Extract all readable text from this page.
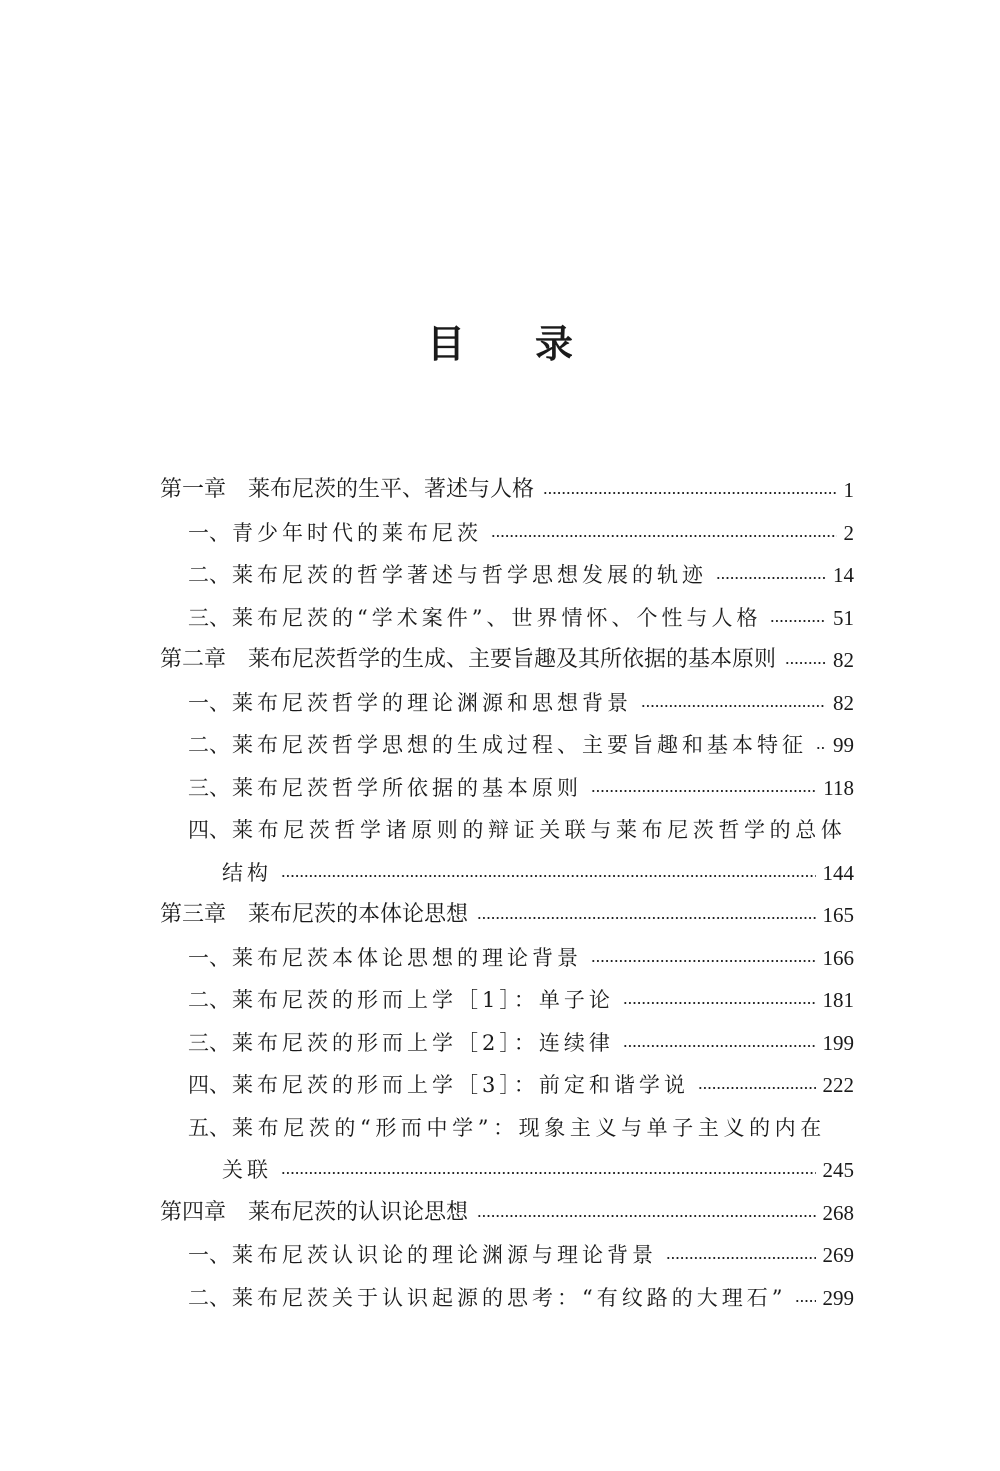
目 录
第一章 莱布尼茨的生平、著述与人格	1
一、青少年时代的莱布尼茨	2
二、莱布尼茨的哲学著述与哲学思想发展的轨迹	14
三、莱布尼茨的“学术案件”、世界情怀、个性与人格	51
第二章 莱布尼茨哲学的生成、主要旨趣及其所依据的基本原则	82
一、莱布尼茨哲学的理论渊源和思想背景	82
二、莱布尼茨哲学思想的生成过程、主要旨趣和基本特征 99
三、莱布尼茨哲学所依据的基本原则	118
四、莱布尼茨哲学诸原则的辩证关联与莱布尼茨哲学的总体
结构	144
第三章 莱布尼茨的本体论思想	165
一、莱布尼茨本体论思想的理论背景	166
二、莱布尼茨的形而上学［1］：单子论	181
三、莱布尼茨的形而上学［2］：连续律	199
四、莱布尼茨的形而上学［3］：前定和谐学说	222
五、莱布尼茨的“形而中学”：现象主义与单子主义的内在
关联	245
第四章 莱布尼茨的认识论思想	268
一、莱布尼茨认识论的理论渊源与理论背景	269
二、莱布尼茨关于认识起源的思考：“有纹路的大理石” 299
